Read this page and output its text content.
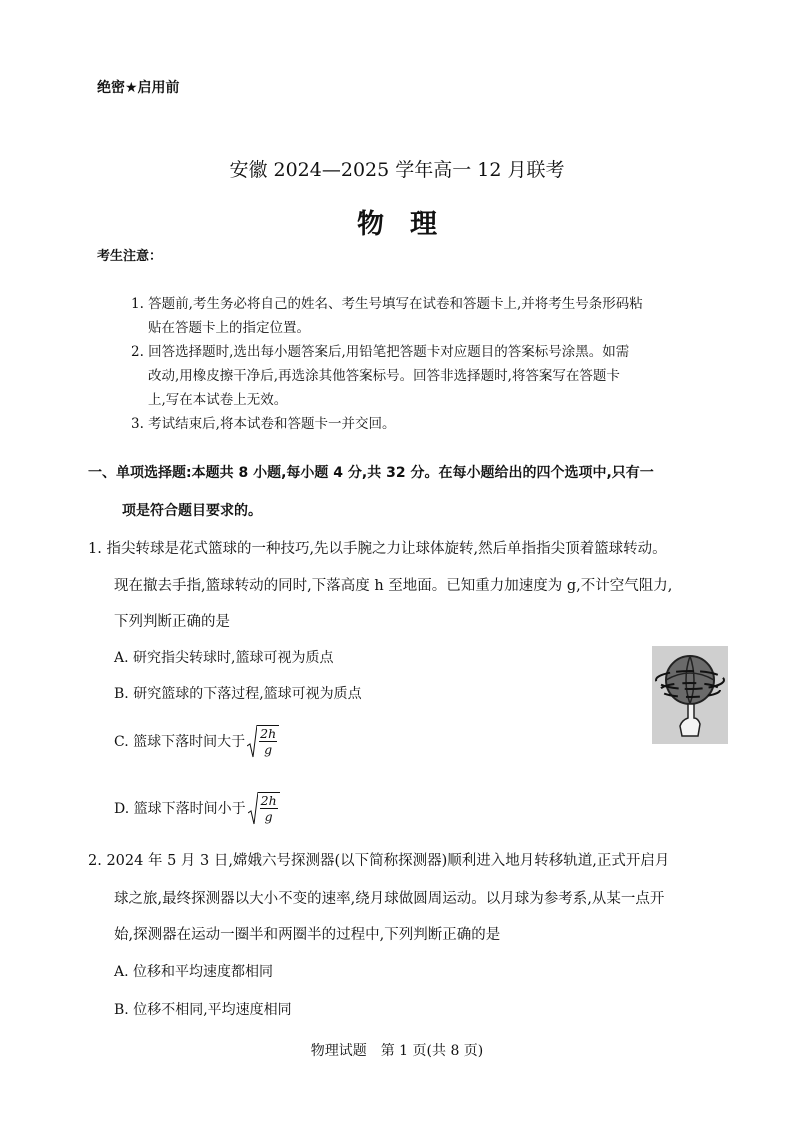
绝密★启用前
安徽 2024—2025 学年高一 12 月联考
物理
考生注意：
1. 答题前,考生务必将自己的姓名、考生号填写在试卷和答题卡上,并将考生号条形码粘
贴在答题卡上的指定位置。
2. 回答选择题时,选出每小题答案后,用铅笔把答题卡对应题目的答案标号涂黑。如需
改动,用橡皮擦干净后,再选涂其他答案标号。回答非选择题时,将答案写在答题卡
上,写在本试卷上无效。
3. 考试结束后,将本试卷和答题卡一并交回。
一、单项选择题:本题共 8 小题,每小题 4 分,共 32 分。在每小题给出的四个选项中,只有一
项是符合题目要求的。
1. 指尖转球是花式篮球的一种技巧,先以手腕之力让球体旋转,然后单指指尖顶着篮球转动。
现在撤去手指,篮球转动的同时,下落高度 h 至地面。已知重力加速度为 g,不计空气阻力,
下列判断正确的是
A. 研究指尖转球时,篮球可视为质点
B. 研究篮球的下落过程,篮球可视为质点
C. 篮球下落时间大于 $\frac{2h}{g}$
D. 篮球下落时间小于 $\frac{2h}{g}$
2. 2024 年 5 月 3 日,嫦娥六号探测器(以下简称探测器)顺利进入地月转移轨道,正式开启月
球之旅,最终探测器以大小不变的速率,绕月球做圆周运动。以月球为参考系,从某一点开
始,探测器在运动一圈半和两圈半的过程中,下列判断正确的是
A. 位移和平均速度都相同
B. 位移不相同,平均速度相同
物理试题　第 1 页(共 8 页)
